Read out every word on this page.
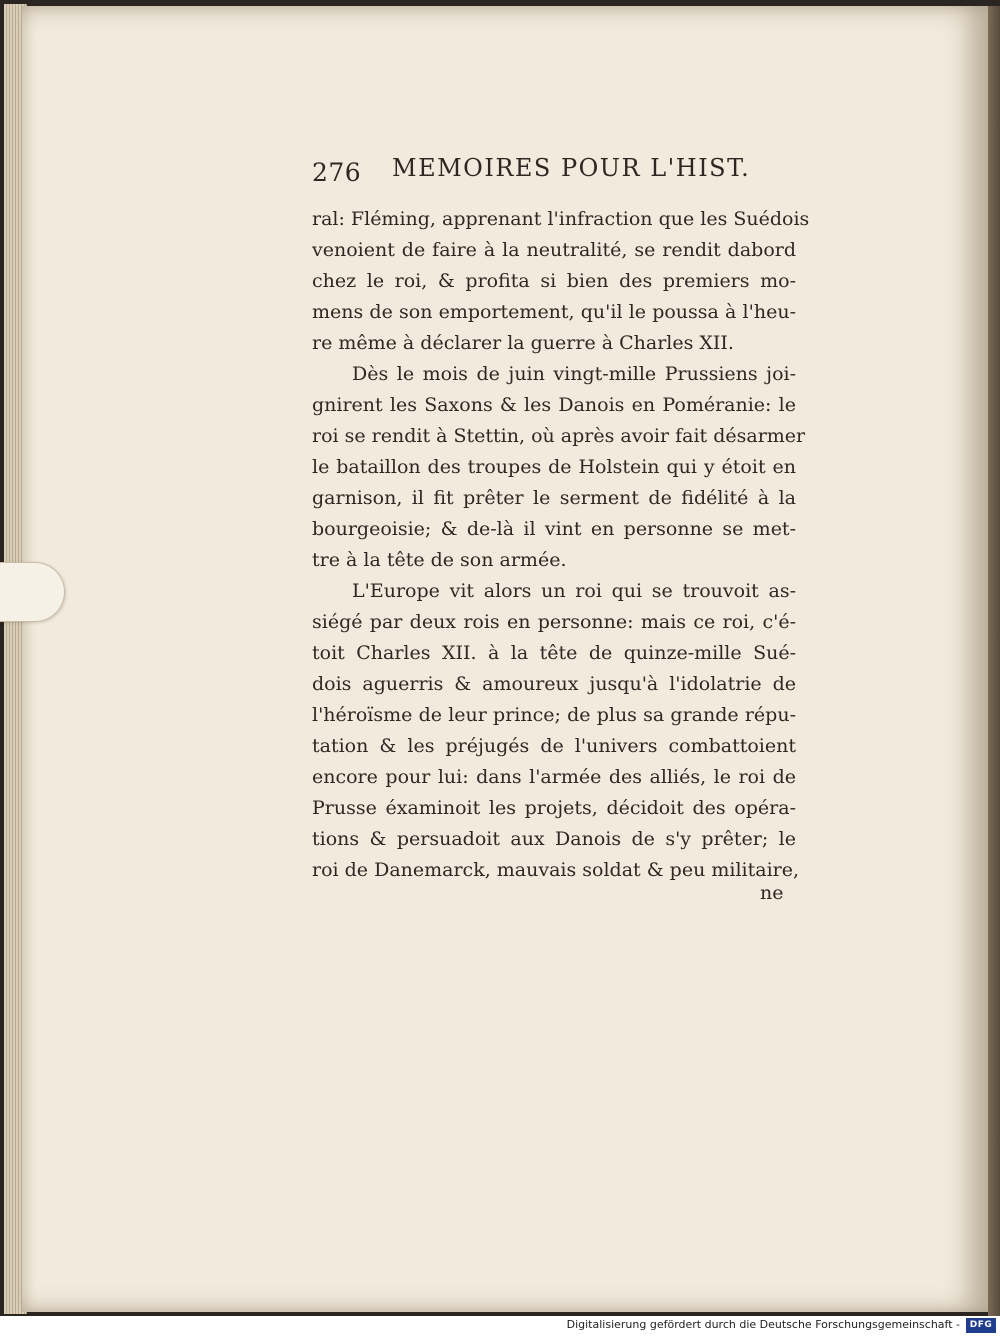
276 MEMOIRES POUR L'HIST.
ral: Fléming, apprenant l'infraction que les Suédois
venoient de faire à la neutralité, se rendit dabord
chez le roi, & profita si bien des premiers mo-
mens de son emportement, qu'il le poussa à l'heu-
re même à déclarer la guerre à Charles XII.
Dès le mois de juin vingt-mille Prussiens joi-
gnirent les Saxons & les Danois en Poméranie: le
roi se rendit à Stettin, où après avoir fait désarmer
le bataillon des troupes de Holstein qui y étoit en
garnison, il fit prêter le serment de fidélité à la
bourgeoisie; & de-là il vint en personne se met-
tre à la tête de son armée.
L'Europe vit alors un roi qui se trouvoit as-
siégé par deux rois en personne: mais ce roi, c'é-
toit Charles XII. à la tête de quinze-mille Sué-
dois aguerris & amoureux jusqu'à l'idolatrie de
l'héroïsme de leur prince; de plus sa grande répu-
tation & les préjugés de l'univers combattoient
encore pour lui: dans l'armée des alliés, le roi de
Prusse éxaminoit les projets, décidoit des opéra-
tions & persuadoit aux Danois de s'y prêter; le
roi de Danemarck, mauvais soldat & peu militaire,
ne
Digitalisierung gefördert durch die Deutsche Forschungsgemeinschaft -	DFG
